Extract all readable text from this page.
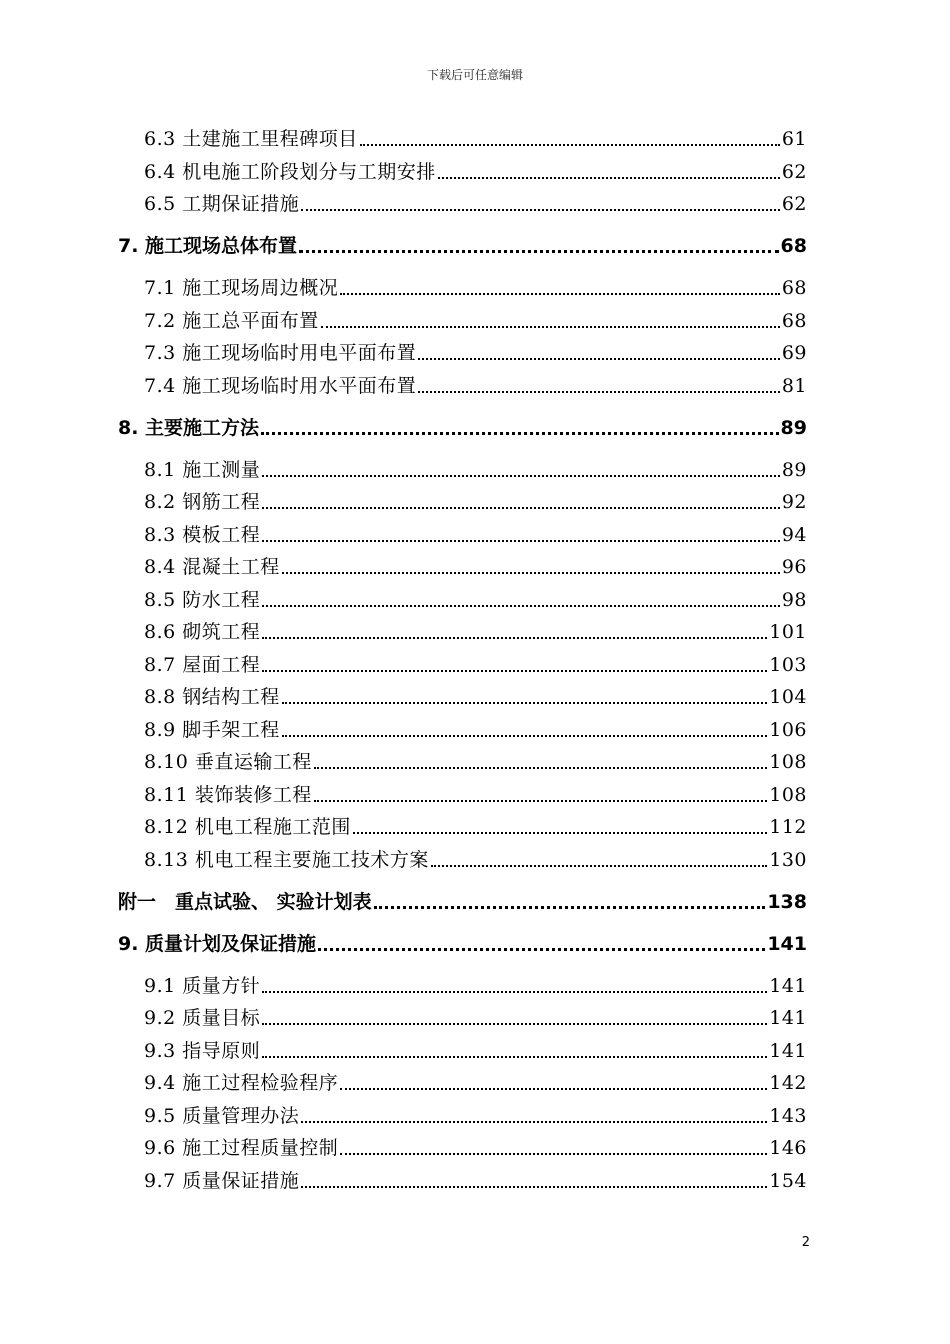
下载后可任意编辑
6.3 土建施工里程碑项目	61
6.4 机电施工阶段划分与工期安排	62
6.5 工期保证措施	62
7. 施工现场总体布置	68
7.1 施工现场周边概况	68
7.2 施工总平面布置	68
7.3 施工现场临时用电平面布置	69
7.4 施工现场临时用水平面布置	81
8. 主要施工方法	89
8.1 施工测量	89
8.2 钢筋工程	92
8.3 模板工程	94
8.4 混凝土工程	96
8.5 防水工程	98
8.6 砌筑工程	101
8.7 屋面工程	103
8.8 钢结构工程	104
8.9 脚手架工程	106
8.10 垂直运输工程	108
8.11 装饰装修工程	108
8.12 机电工程施工范围	112
8.13 机电工程主要施工技术方案	130
附一　重点试验、 实验计划表	138
9. 质量计划及保证措施	141
9.1 质量方针	141
9.2 质量目标	141
9.3 指导原则	141
9.4 施工过程检验程序	142
9.5 质量管理办法	143
9.6 施工过程质量控制	146
9.7 质量保证措施	154
2
